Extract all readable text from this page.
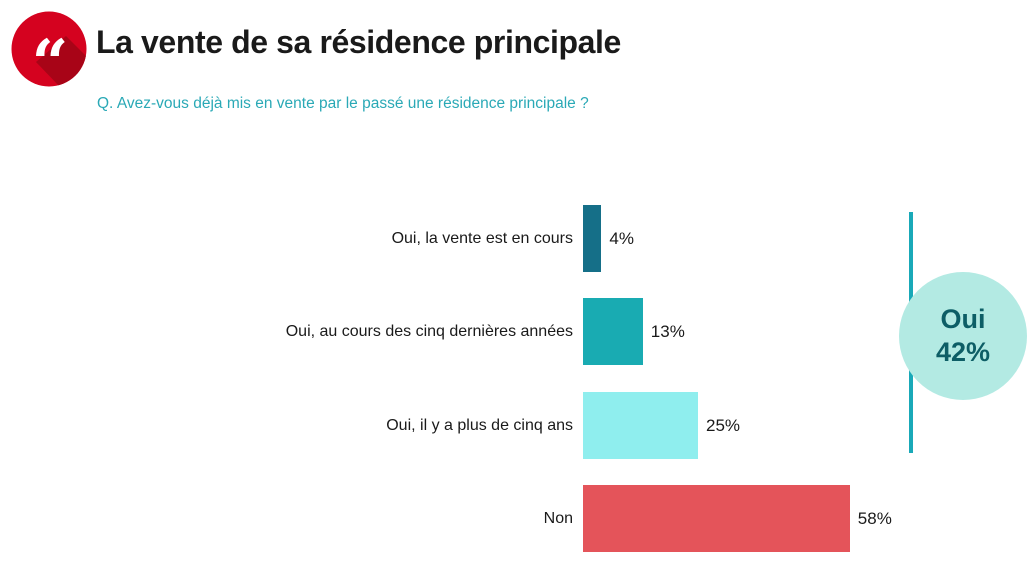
“ La vente de sa résidence principale
Q. Avez-vous déjà mis en vente par le passé une résidence principale ?
Oui, la vente est en cours 4%
Oui, au cours des cinq dernières années	13%
Oui, il y a plus de cinq ans	25%
Non	58%
Oui
42%
